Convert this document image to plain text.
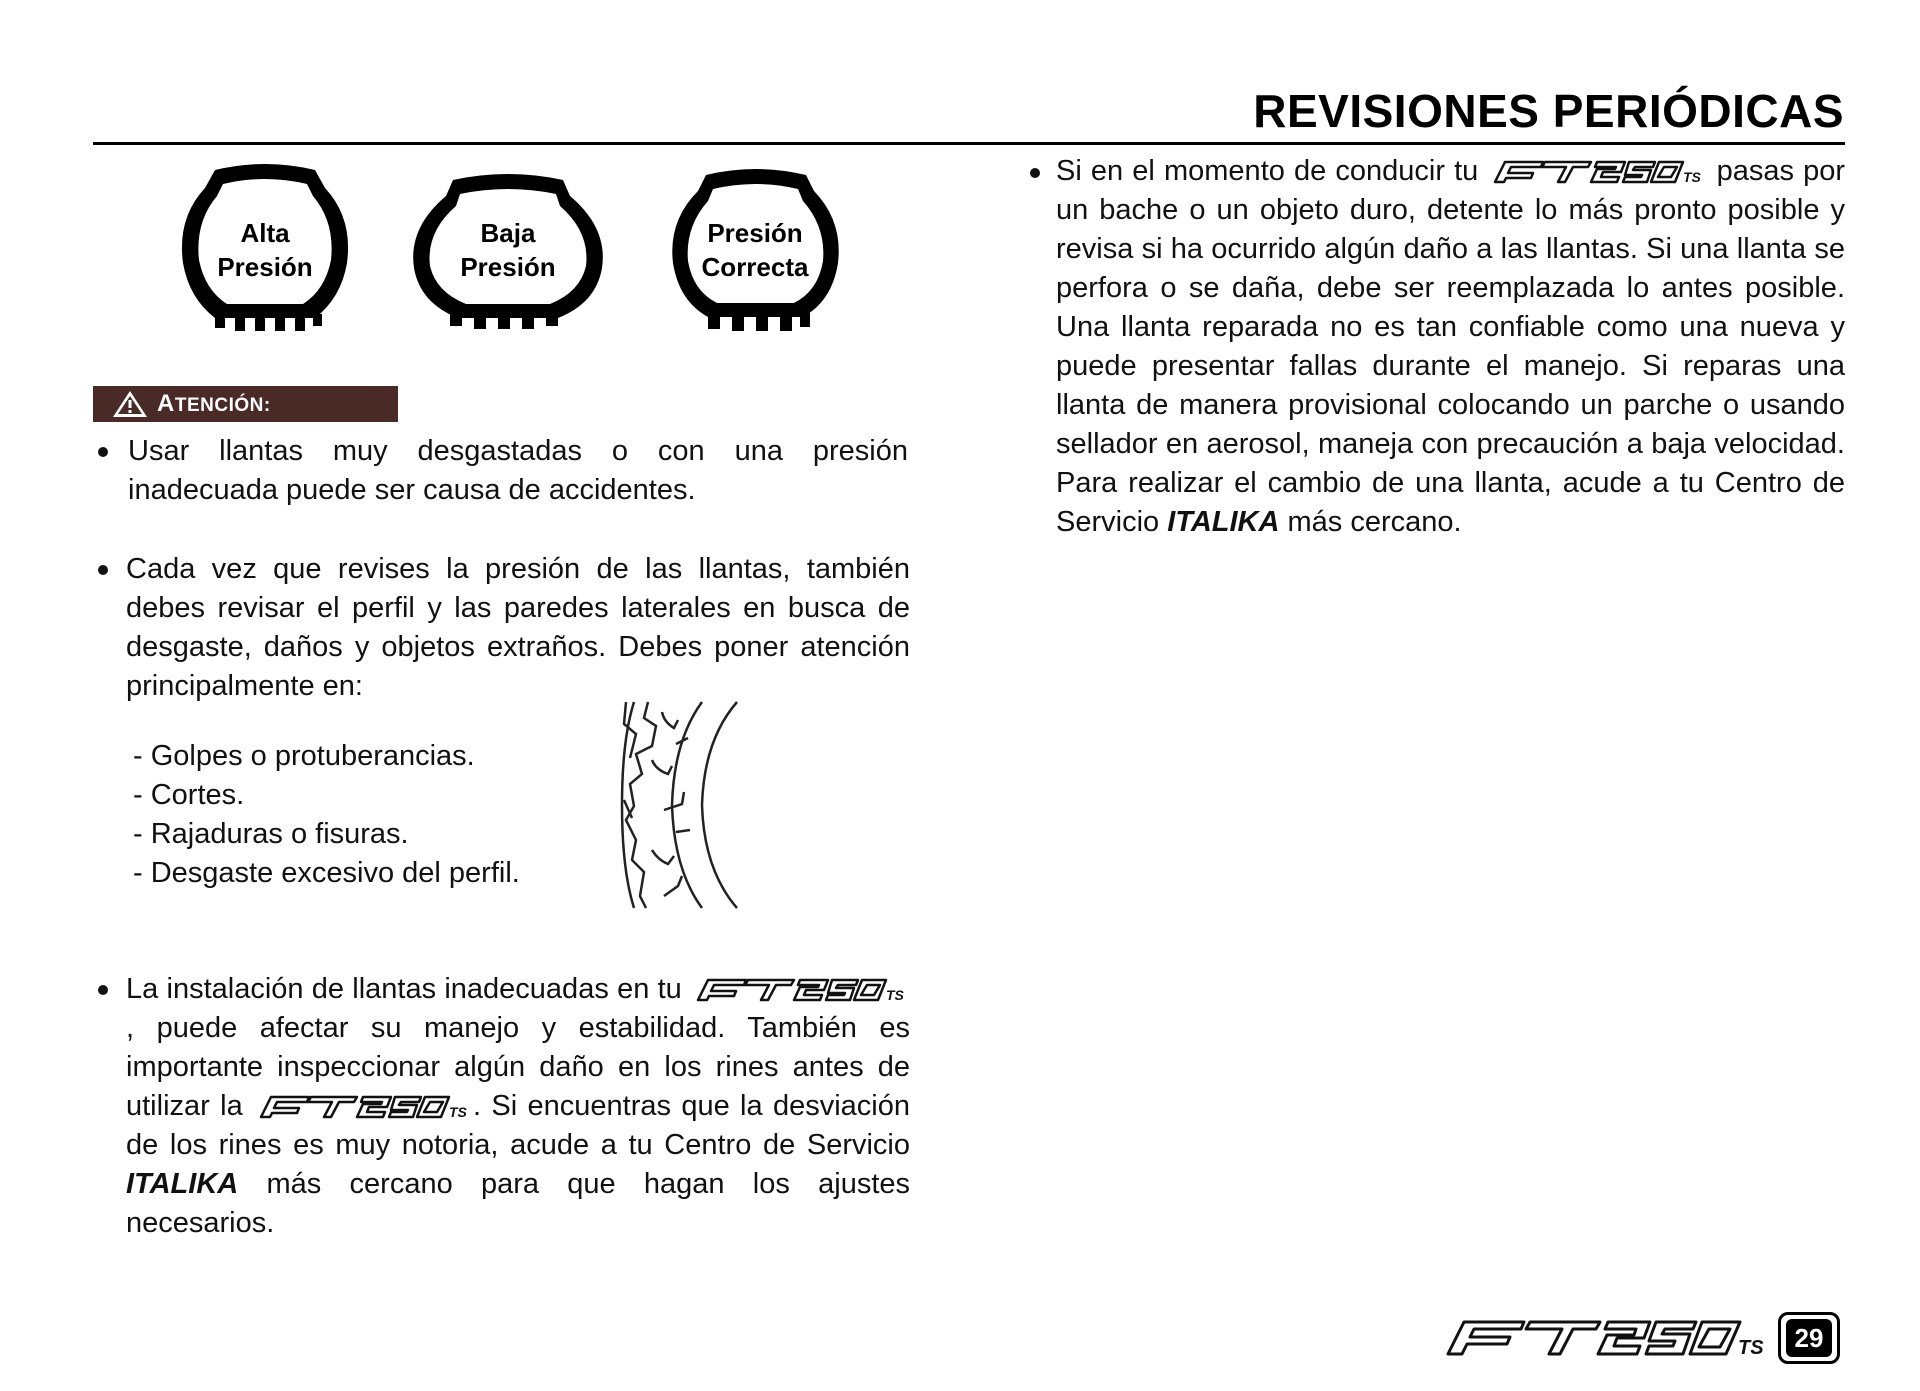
REVISIONES PERIÓDICAS
Alta
Presión
Baja
Presión
Presión
Correcta
ATENCIÓN:
Usar llantas muy desgastadas o con una presión inadecuada puede ser causa de accidentes.
Cada vez que revises la presión de las llantas, también debes revisar el perfil y las paredes laterales en busca de desgaste, daños y objetos extraños. Debes poner atención principalmente en:
- Golpes o protuberancias.
- Cortes.
- Rajaduras o fisuras.
- Desgaste excesivo del perfil.
La instalación de llantas inadecuadas en tu	TS
, puede afectar su manejo y estabilidad. También es importante inspeccionar algún daño en los rines antes de utilizar la	TS . Si encuentras que la desviación de los rines es muy notoria, acude a tu Centro de Servicio ITALIKA más cercano para que hagan los ajustes necesarios.
Si en el momento de conducir tu	TS pasas por un bache o un objeto duro, detente lo más pronto posible y revisa si ha ocurrido algún daño a las llantas. Si una llanta se perfora o se daña, debe ser reemplazada lo antes posible. Una llanta reparada no es tan confiable como una nueva y puede presentar fallas durante el manejo. Si reparas una llanta de manera provisional colocando un parche o usando sellador en aerosol, maneja con precaución a baja velocidad. Para realizar el cambio de una llanta, acude a tu Centro de Servicio ITALIKA más cercano.
TS	29
